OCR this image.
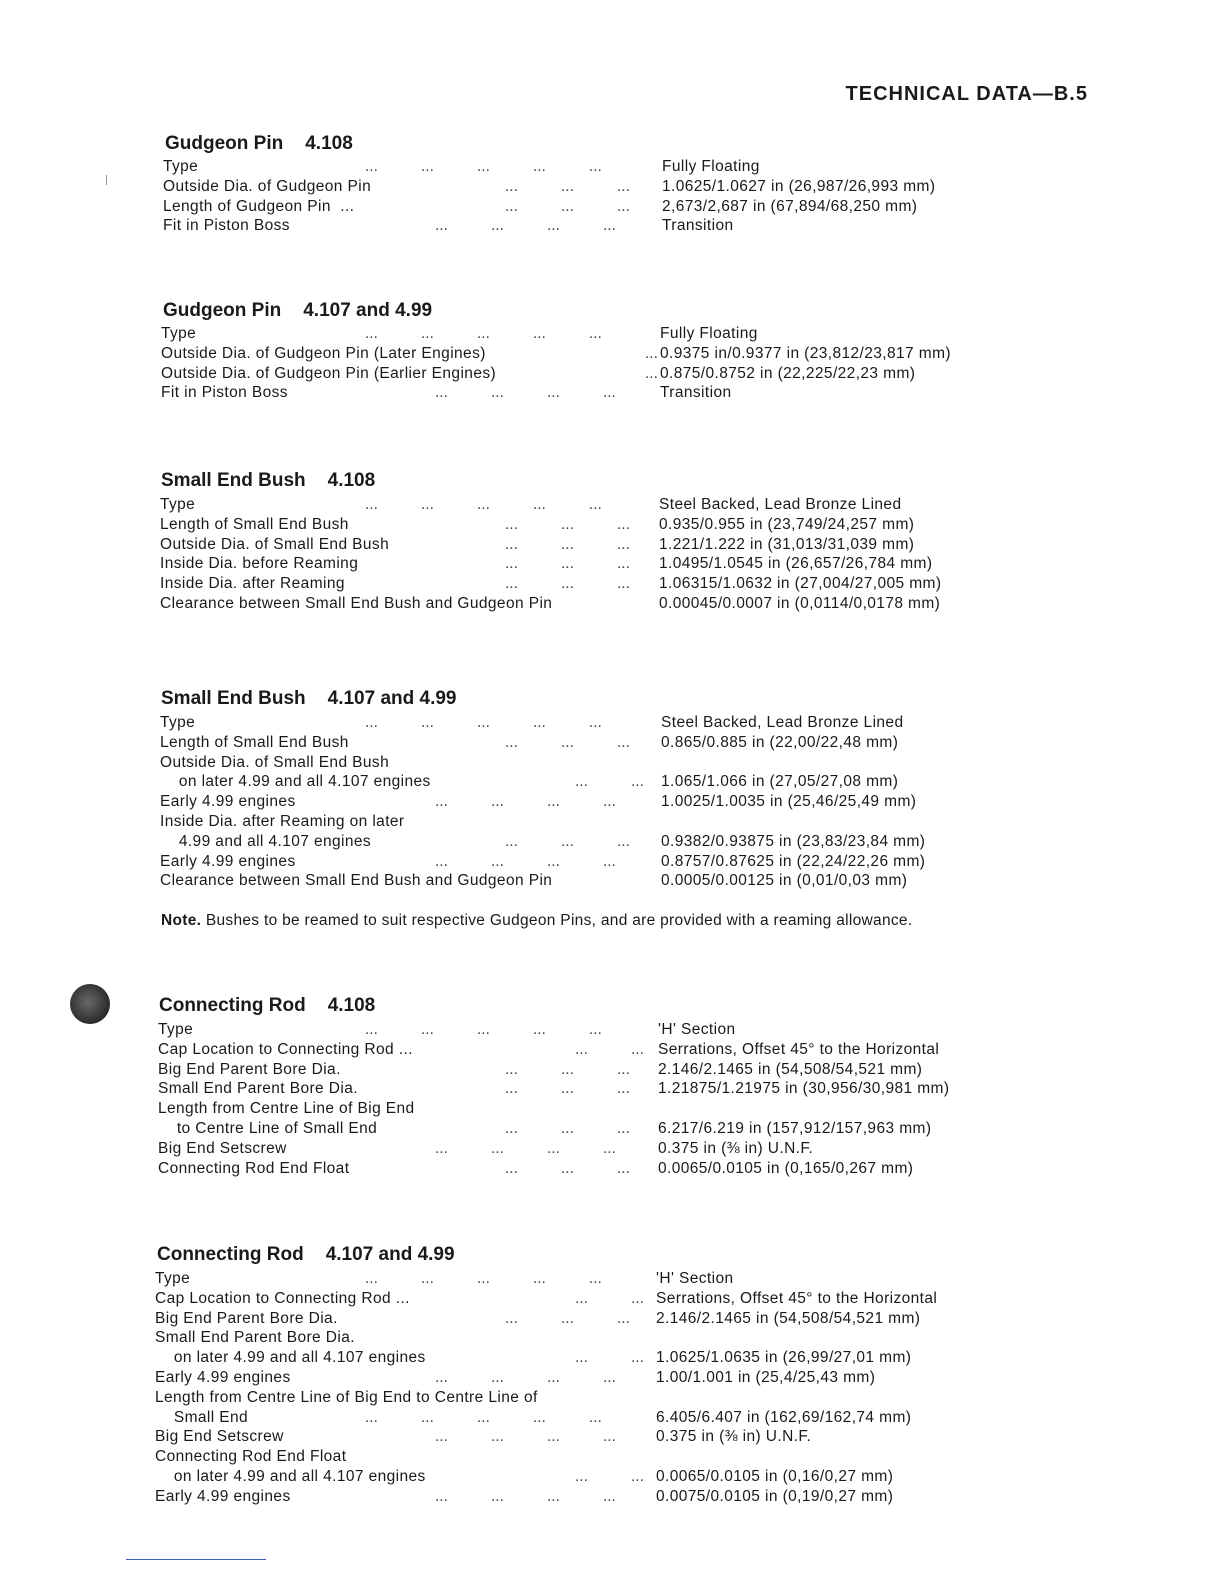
TECHNICAL DATA—B.5
Gudgeon Pin 4.108
Type	...          ...          ...          ...          ...	Fully Floating
Outside Dia. of Gudgeon Pin	...          ...          ... 1.0625/1.0627 in (26,987/26,993 mm)
Length of Gudgeon Pin  ...	...          ...          ... 2,673/2,687 in (67,894/68,250 mm)
Fit in Piston Boss	...          ...          ...          ...	Transition
Gudgeon Pin 4.107 and 4.99
Type	...          ...          ...          ...          ...	Fully Floating
Outside Dia. of Gudgeon Pin (Later Engines)	... 0.9375 in/0.9377 in (23,812/23,817 mm)
Outside Dia. of Gudgeon Pin (Earlier Engines)	... 0.875/0.8752 in (22,225/22,23 mm)
Fit in Piston Boss	...          ...          ...          ...	Transition
Small End Bush 4.108
Type	...          ...          ...          ...          ...	Steel Backed, Lead Bronze Lined
Length of Small End Bush	...          ...          ... 0.935/0.955 in (23,749/24,257 mm)
Outside Dia. of Small End Bush	...          ...          ... 1.221/1.222 in (31,013/31,039 mm)
Inside Dia. before Reaming	...          ...          ... 1.0495/1.0545 in (26,657/26,784 mm)
Inside Dia. after Reaming	...          ...          ... 1.06315/1.0632 in (27,004/27,005 mm)
Clearance between Small End Bush and Gudgeon Pin	0.00045/0.0007 in (0,0114/0,0178 mm)
Small End Bush 4.107 and 4.99
Type	...          ...          ...          ...          ...	Steel Backed, Lead Bronze Lined
Length of Small End Bush	...          ...          ... 0.865/0.885 in (22,00/22,48 mm)
Outside Dia. of Small End Bush
on later 4.99 and all 4.107 engines	...          ... 1.065/1.066 in (27,05/27,08 mm)
Early 4.99 engines	...          ...          ...          ...	1.0025/1.0035 in (25,46/25,49 mm)
Inside Dia. after Reaming on later
4.99 and all 4.107 engines	...          ...          ... 0.9382/0.93875 in (23,83/23,84 mm)
Early 4.99 engines	...          ...          ...          ...	0.8757/0.87625 in (22,24/22,26 mm)
Clearance between Small End Bush and Gudgeon Pin	0.0005/0.00125 in (0,01/0,03 mm)
Connecting Rod 4.108
Type	...          ...          ...          ...          ...	'H' Section
Cap Location to Connecting Rod ...	...          ... Serrations, Offset 45° to the Horizontal
Big End Parent Bore Dia.	...          ...          ... 2.146/2.1465 in (54,508/54,521 mm)
Small End Parent Bore Dia.	...          ...          ... 1.21875/1.21975 in (30,956/30,981 mm)
Length from Centre Line of Big End
to Centre Line of Small End	...          ...          ... 6.217/6.219 in (157,912/157,963 mm)
Big End Setscrew	...          ...          ...          ...	0.375 in (⅜ in) U.N.F.
Connecting Rod End Float	...          ...          ... 0.0065/0.0105 in (0,165/0,267 mm)
Connecting Rod 4.107 and 4.99
Type	...          ...          ...          ...          ...	'H' Section
Cap Location to Connecting Rod ...	...          ... Serrations, Offset 45° to the Horizontal
Big End Parent Bore Dia.	...          ...          ... 2.146/2.1465 in (54,508/54,521 mm)
Small End Parent Bore Dia.
on later 4.99 and all 4.107 engines	...          ... 1.0625/1.0635 in (26,99/27,01 mm)
Early 4.99 engines	...          ...          ...          ...	1.00/1.001 in (25,4/25,43 mm)
Length from Centre Line of Big End to Centre Line of
Small End	...          ...          ...          ...          ...	6.405/6.407 in (162,69/162,74 mm)
Big End Setscrew	...          ...          ...          ...	0.375 in (⅜ in) U.N.F.
Connecting Rod End Float
on later 4.99 and all 4.107 engines	...          ... 0.0065/0.0105 in (0,16/0,27 mm)
Early 4.99 engines	...          ...          ...          ...	0.0075/0.0105 in (0,19/0,27 mm)
Note. Bushes to be reamed to suit respective Gudgeon Pins, and are provided with a reaming allowance.
